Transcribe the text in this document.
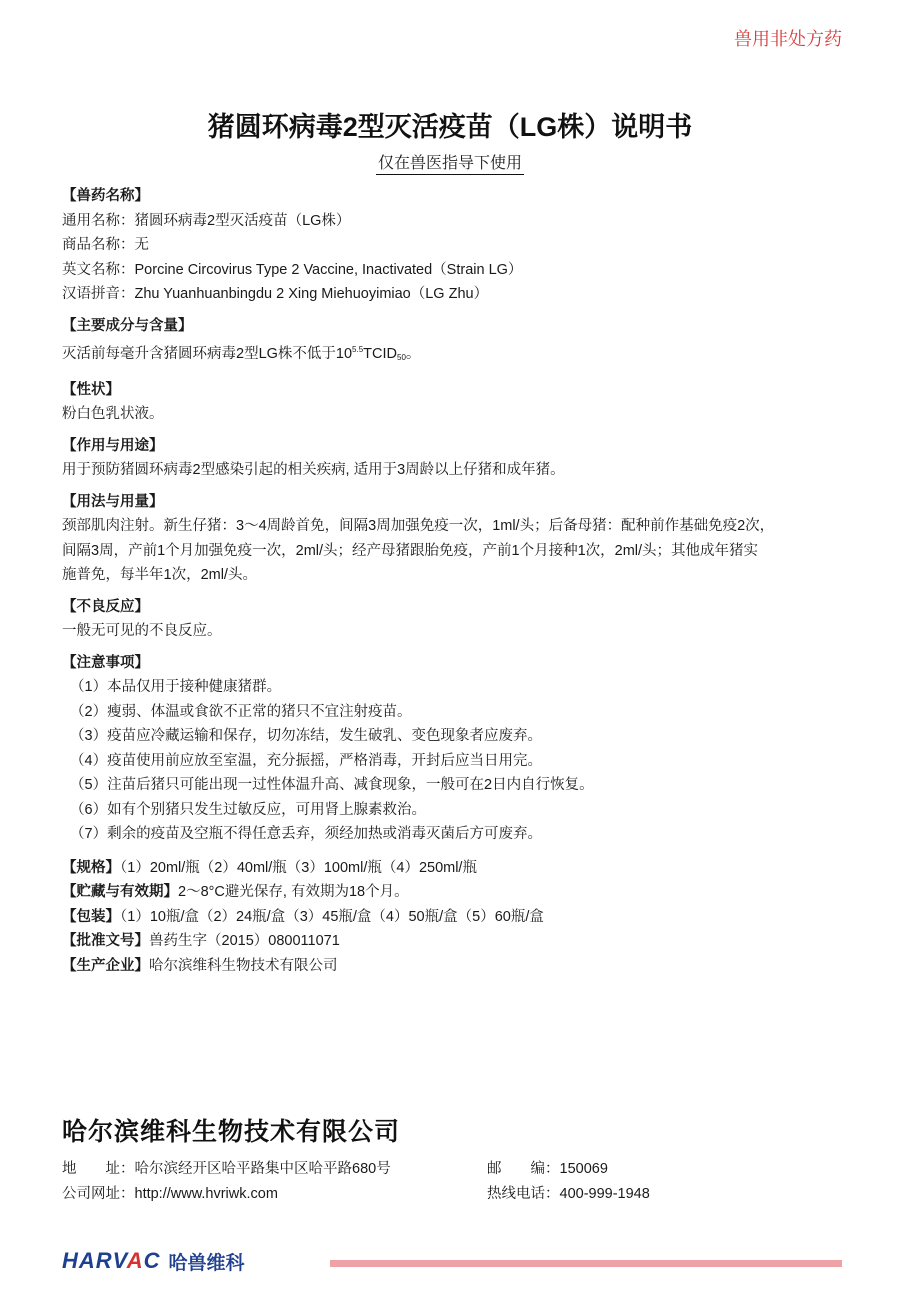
兽用非处方药
猪圆环病毒2型灭活疫苗（LG株）说明书
仅在兽医指导下使用
【兽药名称】
通用名称：猪圆环病毒2型灭活疫苗（LG株）
商品名称：无
英文名称：Porcine Circovirus Type 2 Vaccine, Inactivated（Strain LG）
汉语拼音：Zhu Yuanhuanbingdu 2 Xing Miehuoyimiao（LG Zhu）
【主要成分与含量】
灭活前每毫升含猪圆环病毒2型LG株不低于$10^{5.5}TCID_{50}$。
【性状】
粉白色乳状液。
【作用与用途】
用于预防猪圆环病毒2型感染引起的相关疾病, 适用于3周龄以上仔猪和成年猪。
【用法与用量】
颈部肌肉注射。新生仔猪：3～4周龄首免，间隔3周加强免疫一次，1ml/头；后备母猪：配种前作基础免疫2次，
间隔3周，产前1个月加强免疫一次，2ml/头；经产母猪跟胎免疫，产前1个月接种1次，2ml/头；其他成年猪实
施普免，每半年1次，2ml/头。
【不良反应】
一般无可见的不良反应。
【注意事项】
（1）本品仅用于接种健康猪群。
（2）瘦弱、体温或食欲不正常的猪只不宜注射疫苗。
（3）疫苗应冷藏运输和保存，切勿冻结，发生破乳、变色现象者应废弃。
（4）疫苗使用前应放至室温，充分振摇，严格消毒，开封后应当日用完。
（5）注苗后猪只可能出现一过性体温升高、减食现象，一般可在2日内自行恢复。
（6）如有个别猪只发生过敏反应，可用肾上腺素救治。
（7）剩余的疫苗及空瓶不得任意丢弃，须经加热或消毒灭菌后方可废弃。
【规格】（1）20ml/瓶（2）40ml/瓶（3）100ml/瓶（4）250ml/瓶
【贮藏与有效期】2～8°C避光保存, 有效期为18个月。
【包装】（1）10瓶/盒（2）24瓶/盒（3）45瓶/盒（4）50瓶/盒（5）60瓶/盒
【批准文号】兽药生字（2015）080011071
【生产企业】哈尔滨维科生物技术有限公司
哈尔滨维科生物技术有限公司
地　　址：哈尔滨经开区哈平路集中区哈平路680号	邮　　编：150069
公司网址：http://www.hvriwk.com	热线电话：400-999-1948
HARVAC 哈兽维科
